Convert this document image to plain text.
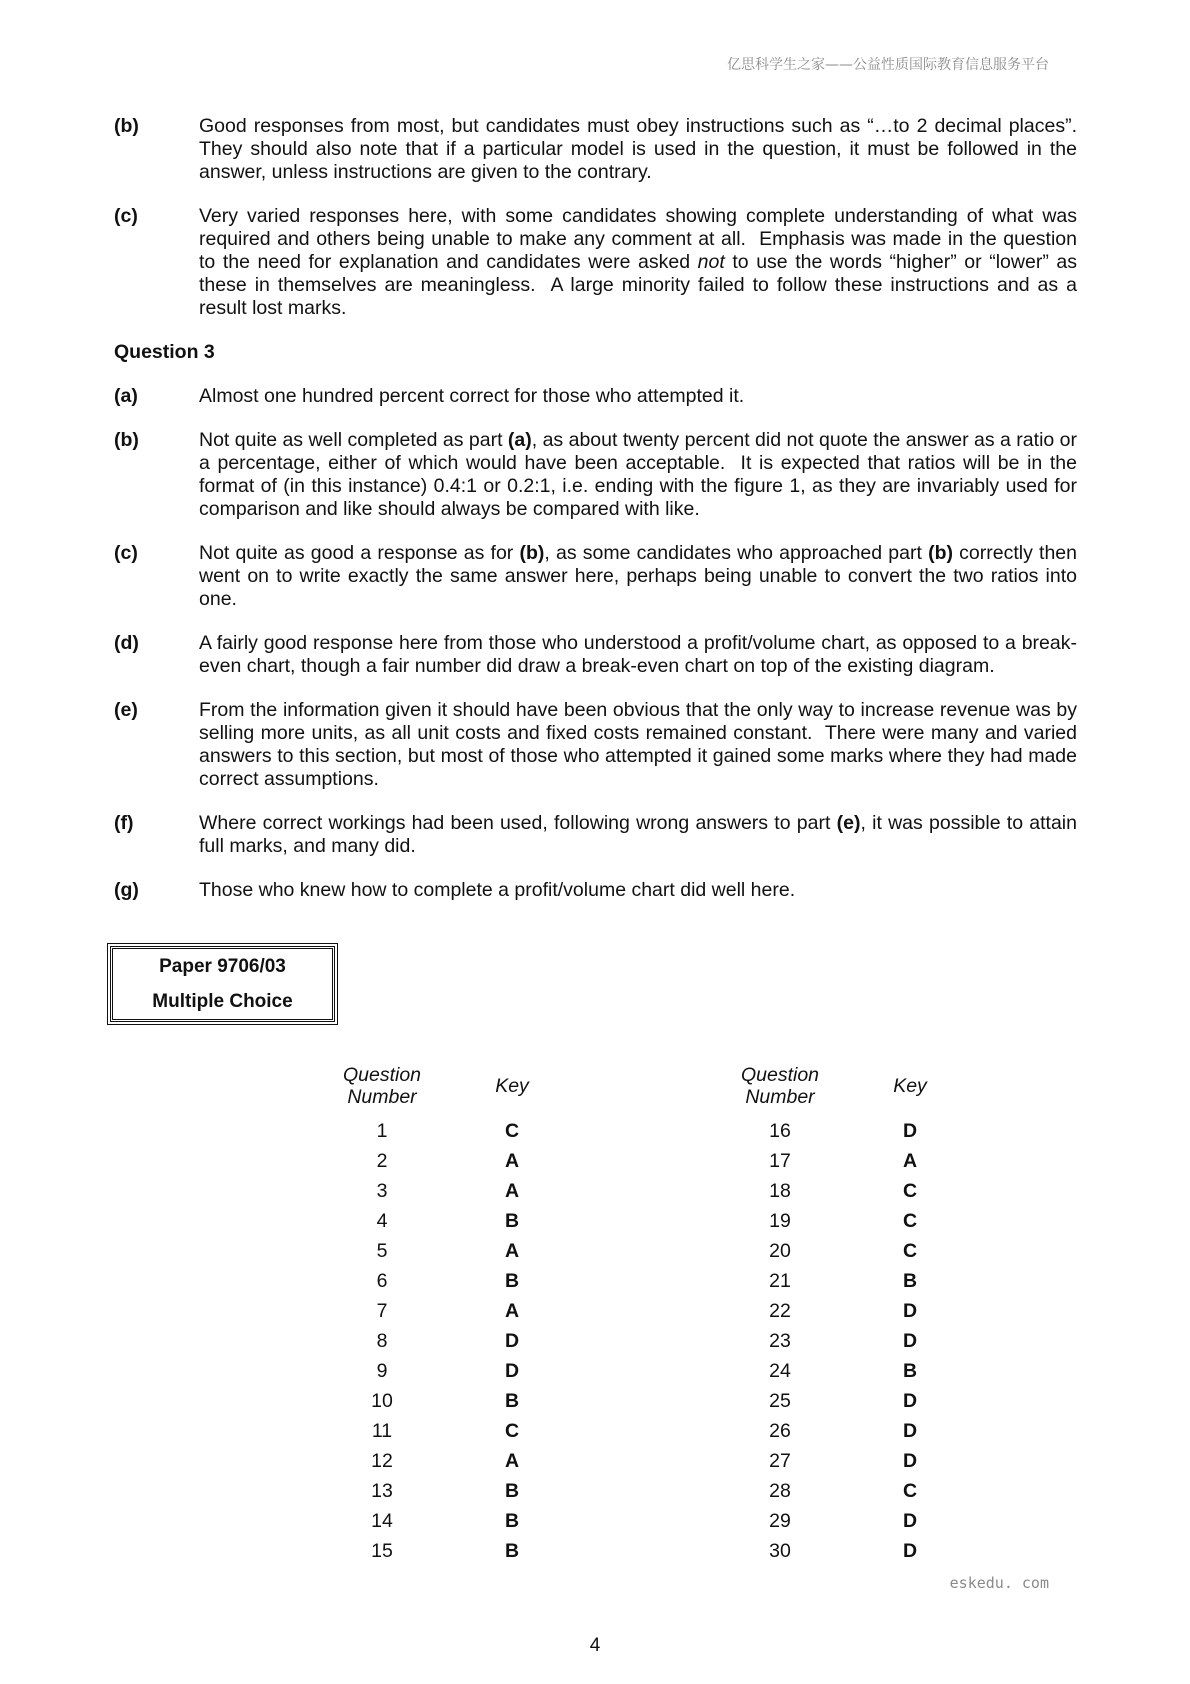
亿思科学生之家——公益性质国际教育信息服务平台
(b)	Good responses from most, but candidates must obey instructions such as “…to 2 decimal places”. They should also note that if a particular model is used in the question, it must be followed in the answer, unless instructions are given to the contrary.
(c)	Very varied responses here, with some candidates showing complete understanding of what was required and others being unable to make any comment at all.  Emphasis was made in the question to the need for explanation and candidates were asked not to use the words “higher” or “lower” as these in themselves are meaningless.  A large minority failed to follow these instructions and as a result lost marks.
Question 3
(a)	Almost one hundred percent correct for those who attempted it.
(b)	Not quite as well completed as part (a), as about twenty percent did not quote the answer as a ratio or a percentage, either of which would have been acceptable.  It is expected that ratios will be in the format of (in this instance) 0.4:1 or 0.2:1, i.e. ending with the figure 1, as they are invariably used for comparison and like should always be compared with like.
(c)	Not quite as good a response as for (b), as some candidates who approached part (b) correctly then went on to write exactly the same answer here, perhaps being unable to convert the two ratios into one.
(d)	A fairly good response here from those who understood a profit/volume chart, as opposed to a break-even chart, though a fair number did draw a break-even chart on top of the existing diagram.
(e)	From the information given it should have been obvious that the only way to increase revenue was by selling more units, as all unit costs and fixed costs remained constant.  There were many and varied answers to this section, but most of those who attempted it gained some marks where they had made correct assumptions.
(f)	Where correct workings had been used, following wrong answers to part (e), it was possible to attain full marks, and many did.
(g)	Those who knew how to complete a profit/volume chart did well here.
Paper 9706/03
Multiple Choice
Question
Number	Key
1	C
2	A
3	A
4	B
5	A
6	B
7	A
8	D
9	D
10	B
11	C
12	A
13	B
14	B
15	B
Question
Number	Key
16	D
17	A
18	C
19	C
20	C
21	B
22	D
23	D
24	B
25	D
26	D
27	D
28	C
29	D
30	D
eskedu. com
4
